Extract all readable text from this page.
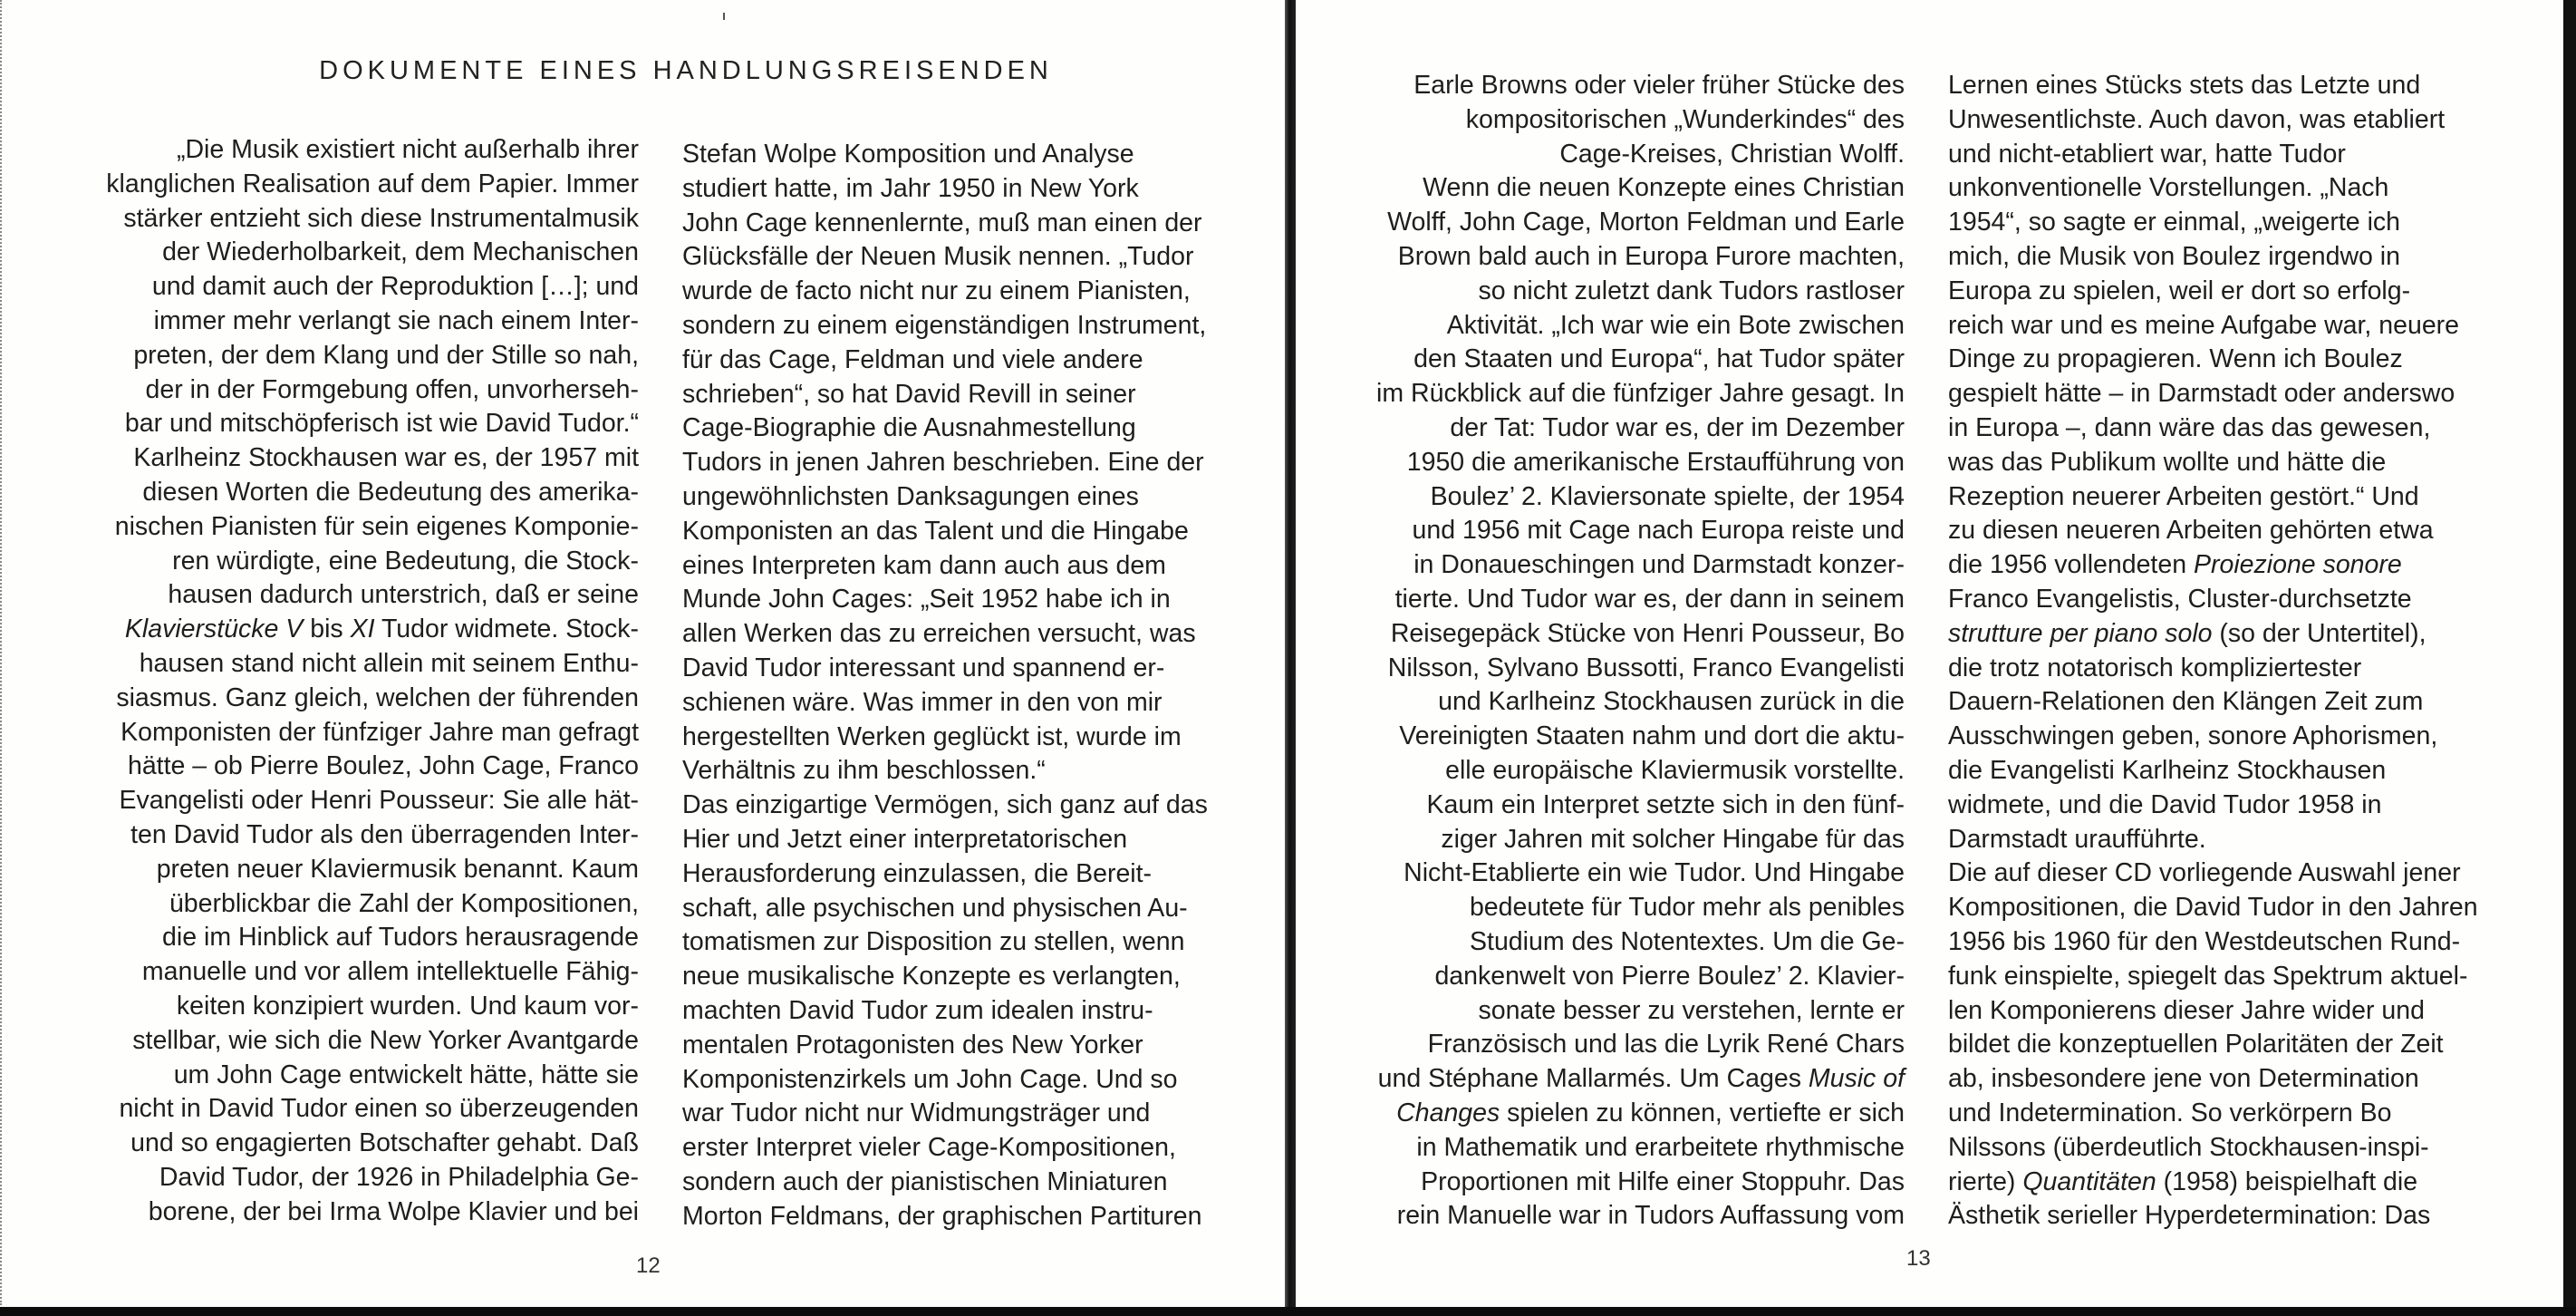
DOKUMENTE EINES HANDLUNGSREISENDEN
„Die Musik existiert nicht außerhalb ihrer
klanglichen Realisation auf dem Papier. Immer
stärker entzieht sich diese Instrumentalmusik
der Wiederholbarkeit, dem Mechanischen
und damit auch der Reproduktion […]; und
immer mehr verlangt sie nach einem Inter-
preten, der dem Klang und der Stille so nah,
der in der Formgebung offen, unvorherseh-
bar und mitschöpferisch ist wie David Tudor.“
Karlheinz Stockhausen war es, der 1957 mit
diesen Worten die Bedeutung des amerika-
nischen Pianisten für sein eigenes Komponie-
ren würdigte, eine Bedeutung, die Stock-
hausen dadurch unterstrich, daß er seine
Klavierstücke V bis XI Tudor widmete. Stock-
hausen stand nicht allein mit seinem Enthu-
siasmus. Ganz gleich, welchen der führenden
Komponisten der fünfziger Jahre man gefragt
hätte – ob Pierre Boulez, John Cage, Franco
Evangelisti oder Henri Pousseur: Sie alle hät-
ten David Tudor als den überragenden Inter-
preten neuer Klaviermusik benannt. Kaum
überblickbar die Zahl der Kompositionen,
die im Hinblick auf Tudors herausragende
manuelle und vor allem intellektuelle Fähig-
keiten konzipiert wurden. Und kaum vor-
stellbar, wie sich die New Yorker Avantgarde
um John Cage entwickelt hätte, hätte sie
nicht in David Tudor einen so überzeugenden
und so engagierten Botschafter gehabt. Daß
David Tudor, der 1926 in Philadelphia Ge-
borene, der bei Irma Wolpe Klavier und bei
Stefan Wolpe Komposition und Analyse
studiert hatte, im Jahr 1950 in New York
John Cage kennenlernte, muß man einen der
Glücksfälle der Neuen Musik nennen. „Tudor
wurde de facto nicht nur zu einem Pianisten,
sondern zu einem eigenständigen Instrument,
für das Cage, Feldman und viele andere
schrieben“, so hat David Revill in seiner
Cage-Biographie die Ausnahmestellung
Tudors in jenen Jahren beschrieben. Eine der
ungewöhnlichsten Danksagungen eines
Komponisten an das Talent und die Hingabe
eines Interpreten kam dann auch aus dem
Munde John Cages: „Seit 1952 habe ich in
allen Werken das zu erreichen versucht, was
David Tudor interessant und spannend er-
schienen wäre. Was immer in den von mir
hergestellten Werken geglückt ist, wurde im
Verhältnis zu ihm beschlossen.“
Das einzigartige Vermögen, sich ganz auf das
Hier und Jetzt einer interpretatorischen
Herausforderung einzulassen, die Bereit-
schaft, alle psychischen und physischen Au-
tomatismen zur Disposition zu stellen, wenn
neue musikalische Konzepte es verlangten,
machten David Tudor zum idealen instru-
mentalen Protagonisten des New Yorker
Komponistenzirkels um John Cage. Und so
war Tudor nicht nur Widmungsträger und
erster Interpret vieler Cage-Kompositionen,
sondern auch der pianistischen Miniaturen
Morton Feldmans, der graphischen Partituren
12
Earle Browns oder vieler früher Stücke des
kompositorischen „Wunderkindes“ des
Cage-Kreises, Christian Wolff.
Wenn die neuen Konzepte eines Christian
Wolff, John Cage, Morton Feldman und Earle
Brown bald auch in Europa Furore machten,
so nicht zuletzt dank Tudors rastloser
Aktivität. „Ich war wie ein Bote zwischen
den Staaten und Europa“, hat Tudor später
im Rückblick auf die fünfziger Jahre gesagt. In
der Tat: Tudor war es, der im Dezember
1950 die amerikanische Erstaufführung von
Boulez’ 2. Klaviersonate spielte, der 1954
und 1956 mit Cage nach Europa reiste und
in Donaueschingen und Darmstadt konzer-
tierte. Und Tudor war es, der dann in seinem
Reisegepäck Stücke von Henri Pousseur, Bo
Nilsson, Sylvano Bussotti, Franco Evangelisti
und Karlheinz Stockhausen zurück in die
Vereinigten Staaten nahm und dort die aktu-
elle europäische Klaviermusik vorstellte.
Kaum ein Interpret setzte sich in den fünf-
ziger Jahren mit solcher Hingabe für das
Nicht-Etablierte ein wie Tudor. Und Hingabe
bedeutete für Tudor mehr als penibles
Studium des Notentextes. Um die Ge-
dankenwelt von Pierre Boulez’ 2. Klavier-
sonate besser zu verstehen, lernte er
Französisch und las die Lyrik René Chars
und Stéphane Mallarmés. Um Cages Music of
Changes spielen zu können, vertiefte er sich
in Mathematik und erarbeitete rhythmische
Proportionen mit Hilfe einer Stoppuhr. Das
rein Manuelle war in Tudors Auffassung vom
Lernen eines Stücks stets das Letzte und
Unwesentlichste. Auch davon, was etabliert
und nicht-etabliert war, hatte Tudor
unkonventionelle Vorstellungen. „Nach
1954“, so sagte er einmal, „weigerte ich
mich, die Musik von Boulez irgendwo in
Europa zu spielen, weil er dort so erfolg-
reich war und es meine Aufgabe war, neuere
Dinge zu propagieren. Wenn ich Boulez
gespielt hätte – in Darmstadt oder anderswo
in Europa –, dann wäre das das gewesen,
was das Publikum wollte und hätte die
Rezeption neuerer Arbeiten gestört.“ Und
zu diesen neueren Arbeiten gehörten etwa
die 1956 vollendeten Proiezione sonore
Franco Evangelistis, Cluster-durchsetzte
strutture per piano solo (so der Untertitel),
die trotz notatorisch kompliziertester
Dauern-Relationen den Klängen Zeit zum
Ausschwingen geben, sonore Aphorismen,
die Evangelisti Karlheinz Stockhausen
widmete, und die David Tudor 1958 in
Darmstadt uraufführte.
Die auf dieser CD vorliegende Auswahl jener
Kompositionen, die David Tudor in den Jahren
1956 bis 1960 für den Westdeutschen Rund-
funk einspielte, spiegelt das Spektrum aktuel-
len Komponierens dieser Jahre wider und
bildet die konzeptuellen Polaritäten der Zeit
ab, insbesondere jene von Determination
und Indetermination. So verkörpern Bo
Nilssons (überdeutlich Stockhausen-inspi-
rierte) Quantitäten (1958) beispielhaft die
Ästhetik serieller Hyperdetermination: Das
13
